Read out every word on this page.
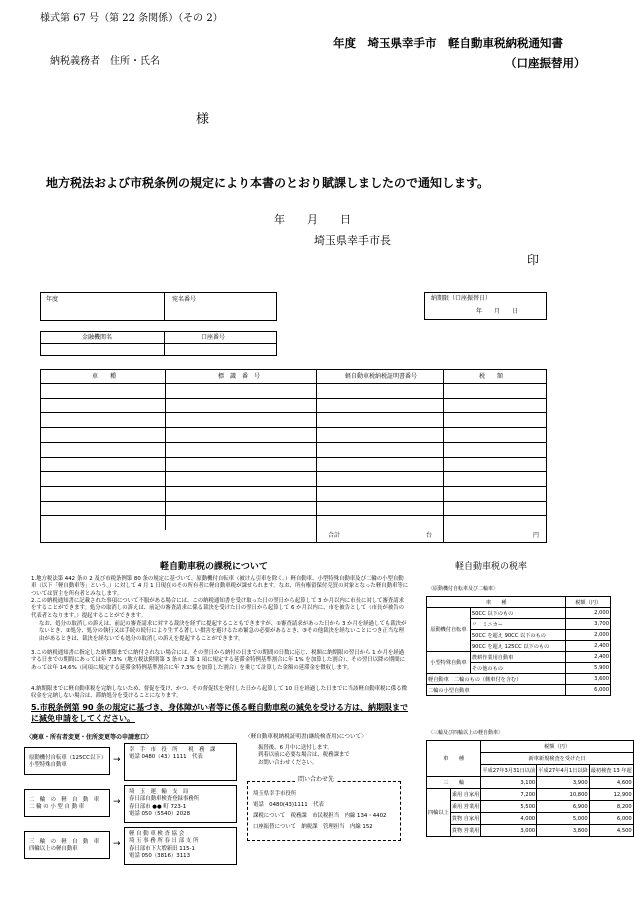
様式第 67 号（第 22 条関係）（その 2）
年度　埼玉県幸手市　軽自動車税納税通知書
（口座振替用）
納税義務者　住所・氏名
様
地方税法および市税条例の規定により本書のとおり賦課しましたので通知します。
年　　月　　日
埼玉県幸手市長
印
年度	宛名番号	納期限（口座振替日）
年　　月　　日
金融機関名	口座番号
車　　種	標　識　番　号	軽自動車税納税証明書番号	税　　額
合計	台	円
軽自動車税の課税について
1.地方税法第 442 条の 2 及び市税条例第 80 条の規定に基づいて、原動機付自転車（被けん引車を除く。）軽自動車、小型特殊自動車及び二輪の小型自動車（以下「軽自動車等」という。）に対して 4 月 1 日現在のその所有者に軽自動車税が課せられます。なお、所有権留保付売買の対象となった軽自動車等については買主を所有者とみなします。
2.この納税通知書に記載された事項について不服がある場合には、この納税通知書を受け取った日の翌日から起算して 3 か月以内に市長に対して審査請求をすることができます。処分の取消しの訴えは、前記の審査請求に係る裁決を受けた日の翌日から起算して 6 か月以内に、市を被告として（市長が被告の代表者となります。）提起することができます。
なお、処分の取消しの訴えは、前記の審査請求に対する裁決を経ずに提起することもできますが、①審査請求があった日から 3 か月を経過しても裁決がないとき、②処分、処分の執行又は手続の続行により生ずる著しい損害を避けるため緊急の必要があるとき、③その他裁決を経ないことにつき正当な理由があるときは、裁決を経ないでも処分の取消しの訴えを提起することができます。
3.この納税通知書に指定した納期限までに納付されない場合には、その翌日から納付の日までの期間の日数に応じ、税額に納期限の翌日から 1 か月を経過する日までの期間にあっては年 7.3%（地方税法附則第 3 条の 2 第 1 項に規定する延滞金特例基準割合に年 1% を加算した割合）、その翌日以降の期間にあっては年 14.6%（同項に規定する延滞金特例基準割合に年 7.3% を加算した割合）を乗じて計算した金額の延滞金を徴収します。
4.納期限までに軽自動車税を完納しないため、督促を受け、かつ、その督促状を発付した日から起算して 10 日を経過した日までに当該軽自動車税に係る徴収金を完納しない場合は、滞納処分を受けることになります。
5.市税条例第 90 条の規定に基づき、身体障がい者等に係る軽自動車税の減免を受ける方は、納期限までに減免申請をしてください。
〈廃車・所有者変更・住所変更等の申請窓口〉
原動機付自転車（125CC以下）
小型特殊自動車
→
幸　手　市　役　所　　税　務　課
電話 0480（43）1111　代表
二　輪　の　軽　自　動　車
二 輪 の 小 型 自 動 車
→
埼　玉　運　輸　支　局
春日部自動車検査登録事務所
春日部市 ●● 町 723-1
電話 050（5540）2028
三　輪　の　軽　自　動　車
四輪以上の軽自動車
→
軽 自 動 車 検 査 協 会
埼 玉 事 務 所 春 日 部 支 所
春日部市下大増新田 115-1
電話 050（3816）3113
〈軽自動車税納税証明書(継続検査用)について〉
振替後、6 月中に送付します。
到着以前に必要な場合は、税務課まで
お問い合わせください。
問い合わせ先
埼玉県幸手市役所
電話　0480(43)1111　代表
課税について　税務課　市民税担当　内線 134・4402
口座振替について　納税課　管理担当　内線 152
軽自動車税の税率
〈原動機付自転車及び二輪車〉
車　　種		税額（円）
原動機付自転車	50CC 以下のもの	2,000
	〃　ミニカー	3,700
	50CC を超え 90CC 以下のもの	2,000
	90CC を超え 125CC 以下のもの	2,400
小型特殊自動車	農耕作業用自動車	2,400
	その他のもの	5,900
軽自動車　二輪のもの（側車付を含む）		3,600
二輪の小型自動車		6,000
〈三輪及び四輪以上の軽自動車〉
車　　種		税額（円）		
		新車新規検査を受けた日		
		平成27年3月31日以前	平成27年4月1日以降	最初検査 13 年超
三　　輪		3,100	3,900	4,600
四輪以上	乗用 自家用	7,200	10,800	12,900
	乗用 営業用	5,500	6,900	8,200
	貨物 自家用	4,000	5,000	6,000
	貨物 営業用	3,000	3,800	4,500
